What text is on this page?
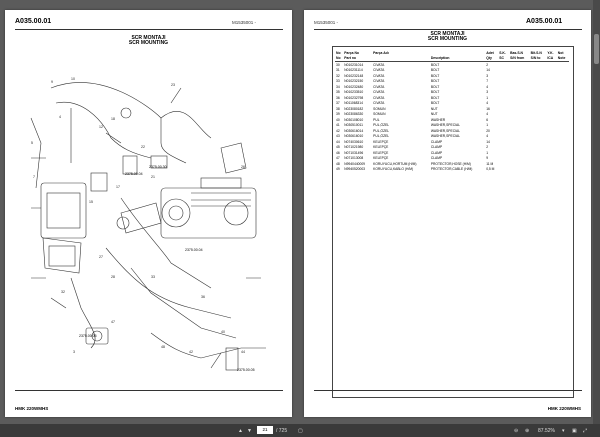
A035.00.01	M1535001 -
SCR MONTAJI
SCR MOUNTING
HMK 220WMHS
12
18
22
4
5
7
15
17
21
27
28
32
33
36
40
42	44
47
48
3
26
9
10
23
2375.00.30
2375.00.04
2375.00.04
2375.00.05
2375.00.05
M1535001 -	A035.00.01
SCR MONTAJI
SCR MOUNTING
No	Parça No	Parça Adı		Adet	S.K.	Bas.S.N	Bit.S.N	Y.K.	Not
No	Part no		Description	Qty	SC	S/N from	S/N to	ICA	Note
30	N010231014	CIVATA	BOLT	2					
31	N010231114	CIVATA	BOLT	14					
32	N010232148	CIVATA	BOLT	3					
33	N010232150	CIVATA	BOLT	7					
34	N010232480	CIVATA	BOLT	4					
35	N010233510	CIVATA	BOLT	3					
36	N010232798	CIVATA	BOLT	1					
37	N011068314	CIVATA	BOLT	4					
38	N023080182	SOMUN	NUT	16					
39	N023086330	SOMUN	NUT	4					
40	N030108010	PUL	WASHER	6					
41	N030510011	PUL,ÖZEL	WASHER,SPECIAL	1					
42	N030616014	PUL,ÖZEL	WASHER,SPECIAL	20					
43	N030616010	PUL,ÖZEL	WASHER,SPECIAL	4					
44	N074030610	KELEPÇE	CLAMP	14					
45	N071021980	KELEPÇE	CLAMP	2					
46	N071031496	KELEPÇE	CLAMP	1					
47	N071013008	KELEPÇE	CLAMP	9					
48	N9940440009	KORUYUCU,HORTUM (H/M)	PROTECTOR,HOSE (H/M)	11 M					
49	N9940520003	KORUYUCU,KABLO (H/M)	PROTECTOR,CABLE (H/M)	0,5 M					
HMK 220WMHS
▲ ▼	21	/ 725 ▢	⊖ ⊕ 87.52% ▾ ▣ ⤢
